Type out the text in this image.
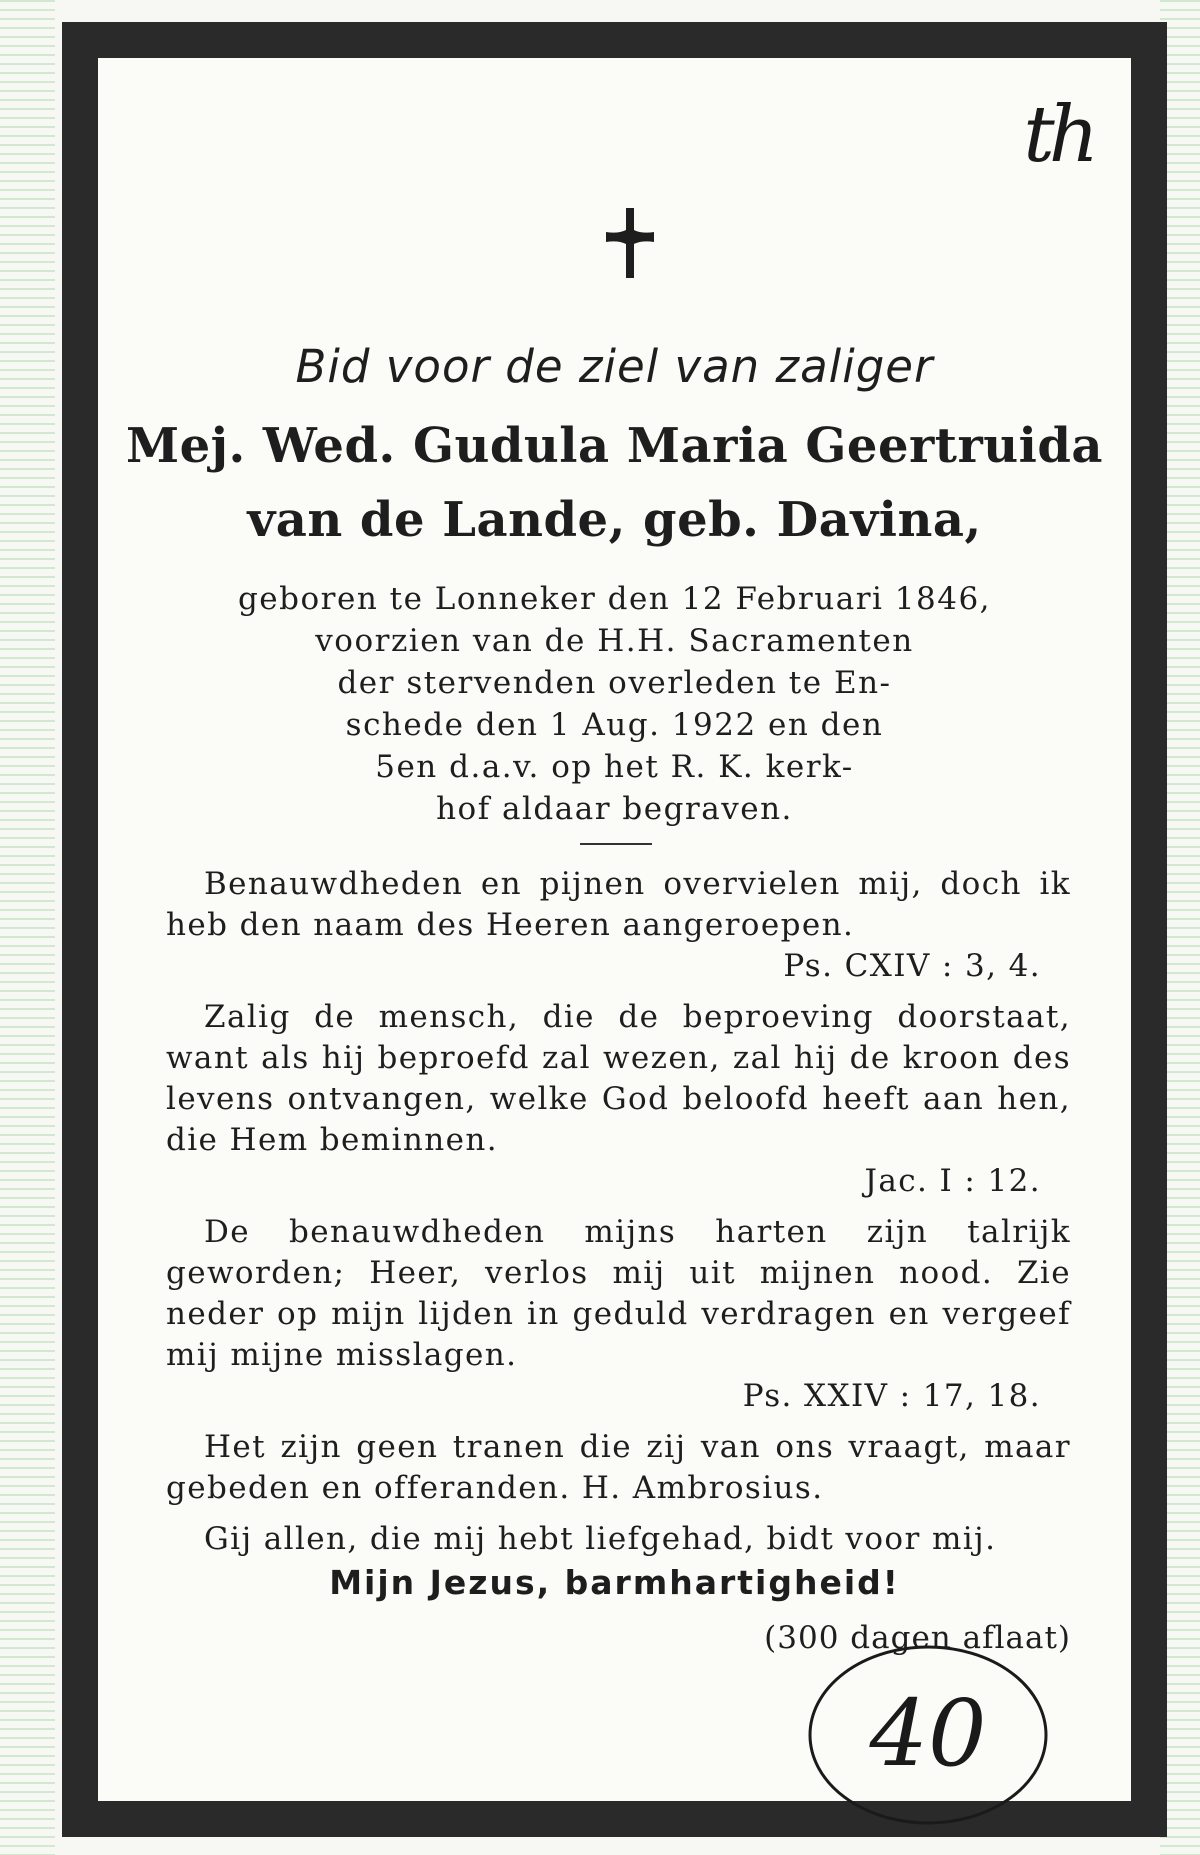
th
Bid voor de ziel van zaliger
Mej. Wed. Gudula Maria Geertruida
van de Lande, geb. Davina,
geboren te Lonneker den 12 Februari 1846,
voorzien van de H.H. Sacramenten
der stervenden overleden te En-
schede den 1 Aug. 1922 en den
5en d.a.v. op het R. K. kerk-
hof aldaar begraven.

Benauwdheden en pijnen overvielen mij, doch ik heb den naam des Heeren aangeroepen.

Ps. CXIV : 3, 4.

Zalig de mensch, die de beproeving doorstaat, want als hij beproefd zal wezen, zal hij de kroon des levens ontvangen, welke God beloofd heeft aan hen, die Hem beminnen.

Jac. I : 12.

De benauwdheden mijns harten zijn talrijk geworden; Heer, verlos mij uit mijnen nood. Zie neder op mijn lijden in geduld verdragen en vergeef mij mijne misslagen.

Ps. XXIV : 17, 18.

Het zijn geen tranen die zij van ons vraagt, maar gebeden en offeranden. H. Ambrosius.

Gij allen, die mij hebt liefgehad, bidt voor mij.

Mijn Jezus, barmhartigheid!
(300 dagen aflaat)
40
